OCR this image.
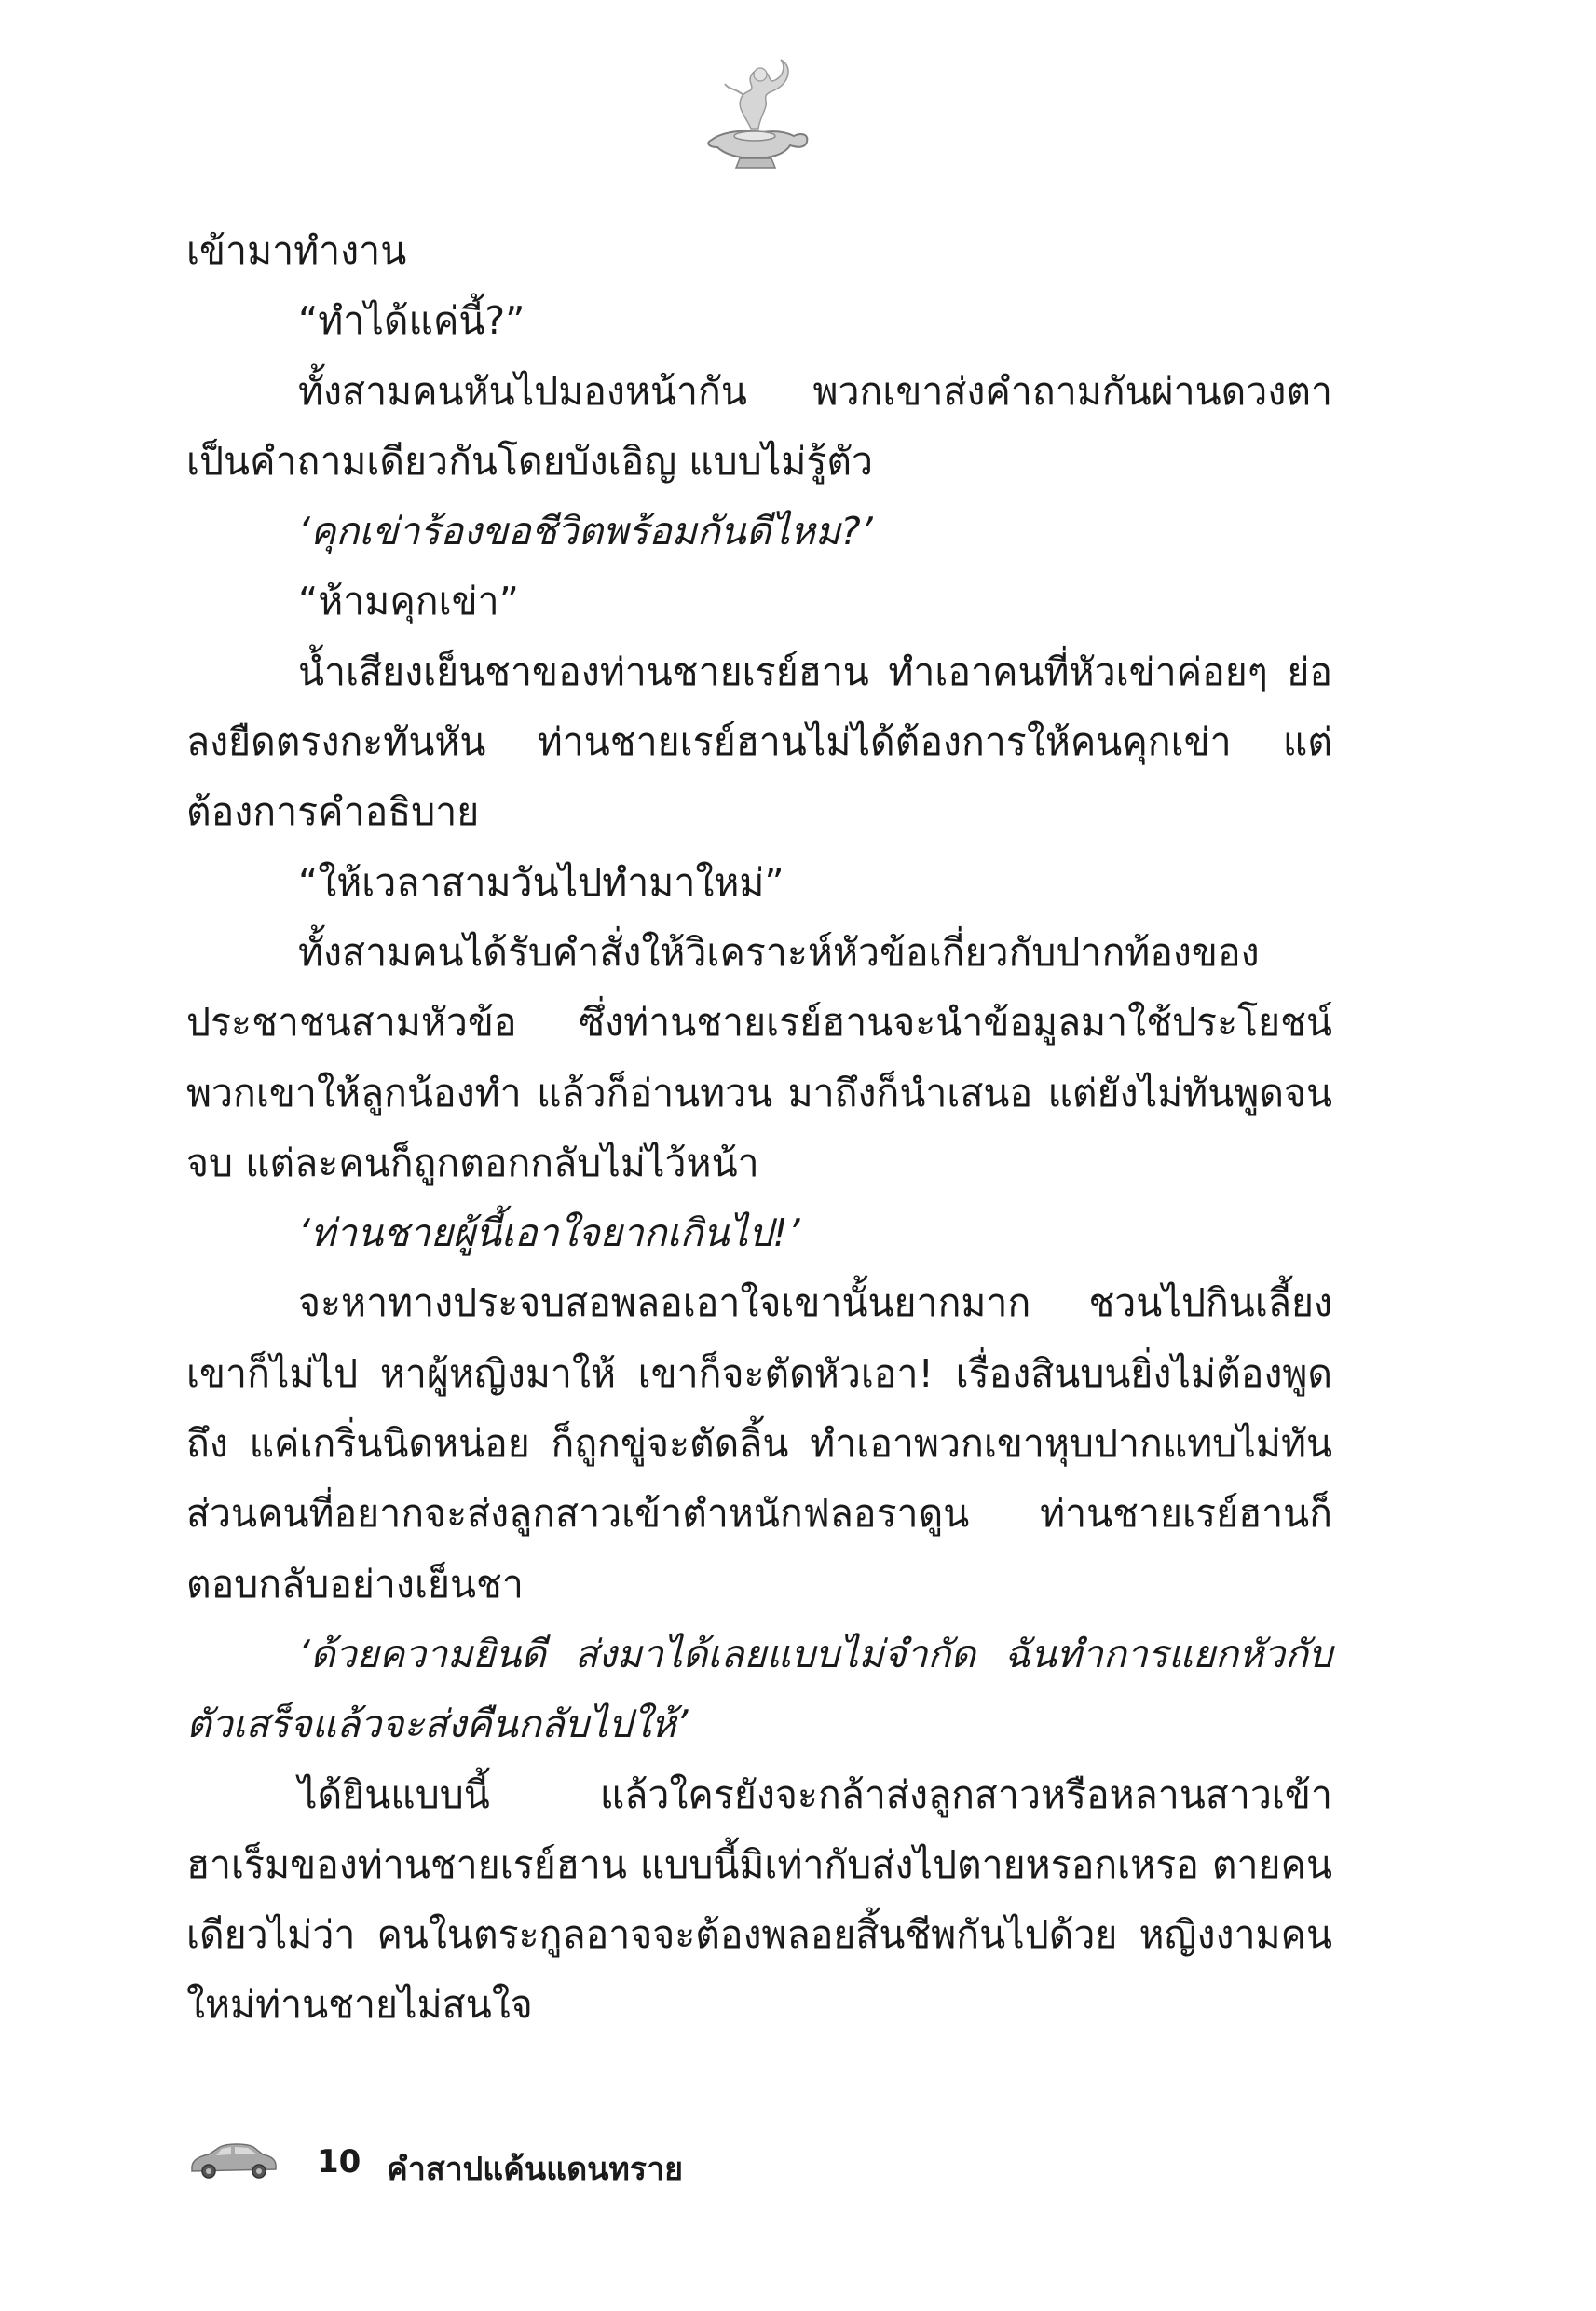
เข้ามาทำงาน

“ทำได้แค่นี้?”

ทั้งสามคนหันไปมองหน้ากัน พวกเขาส่งคำถามกันผ่านดวงตาเป็นคำถามเดียวกันโดยบังเอิญ แบบไม่รู้ตัว

‘คุกเข่าร้องขอชีวิตพร้อมกันดีไหม?’

“ห้ามคุกเข่า”

น้ำเสียงเย็นชาของท่านชายเรย์ฮาน ทำเอาคนที่หัวเข่าค่อยๆ ย่อลงยืดตรงกะทันหัน ท่านชายเรย์ฮานไม่ได้ต้องการให้คนคุกเข่า แต่ต้องการคำอธิบาย

“ให้เวลาสามวันไปทำมาใหม่”

ทั้งสามคนได้รับคำสั่งให้วิเคราะห์หัวข้อเกี่ยวกับปากท้องของประชาชนสามหัวข้อ ซึ่งท่านชายเรย์ฮานจะนำข้อมูลมาใช้ประโยชน์ พวกเขาให้ลูกน้องทำ แล้วก็อ่านทวน มาถึงก็นำเสนอ แต่ยังไม่ทันพูดจนจบ แต่ละคนก็ถูกตอกกลับไม่ไว้หน้า

‘ท่านชายผู้นี้เอาใจยากเกินไป!’

จะหาทางประจบสอพลอเอาใจเขานั้นยากมาก ชวนไปกินเลี้ยง เขาก็ไม่ไป หาผู้หญิงมาให้ เขาก็จะตัดหัวเอา! เรื่องสินบนยิ่งไม่ต้องพูดถึง แค่เกริ่นนิดหน่อย ก็ถูกขู่จะตัดลิ้น ทำเอาพวกเขาหุบปากแทบไม่ทัน ส่วนคนที่อยากจะส่งลูกสาวเข้าตำหนักฟลอราดูน ท่านชายเรย์ฮานก็ตอบกลับอย่างเย็นชา

‘ด้วยความยินดี ส่งมาได้เลยแบบไม่จำกัด ฉันทำการแยกหัวกับตัวเสร็จแล้วจะส่งคืนกลับไปให้’

ได้ยินแบบนี้ แล้วใครยังจะกล้าส่งลูกสาวหรือหลานสาวเข้าฮาเร็มของท่านชายเรย์ฮาน แบบนี้มิเท่ากับส่งไปตายหรอกเหรอ ตายคนเดียวไม่ว่า คนในตระกูลอาจจะต้องพลอยสิ้นชีพกันไปด้วย หญิงงามคนใหม่ท่านชายไม่สนใจ

10 คำสาปแค้นแดนทราย
